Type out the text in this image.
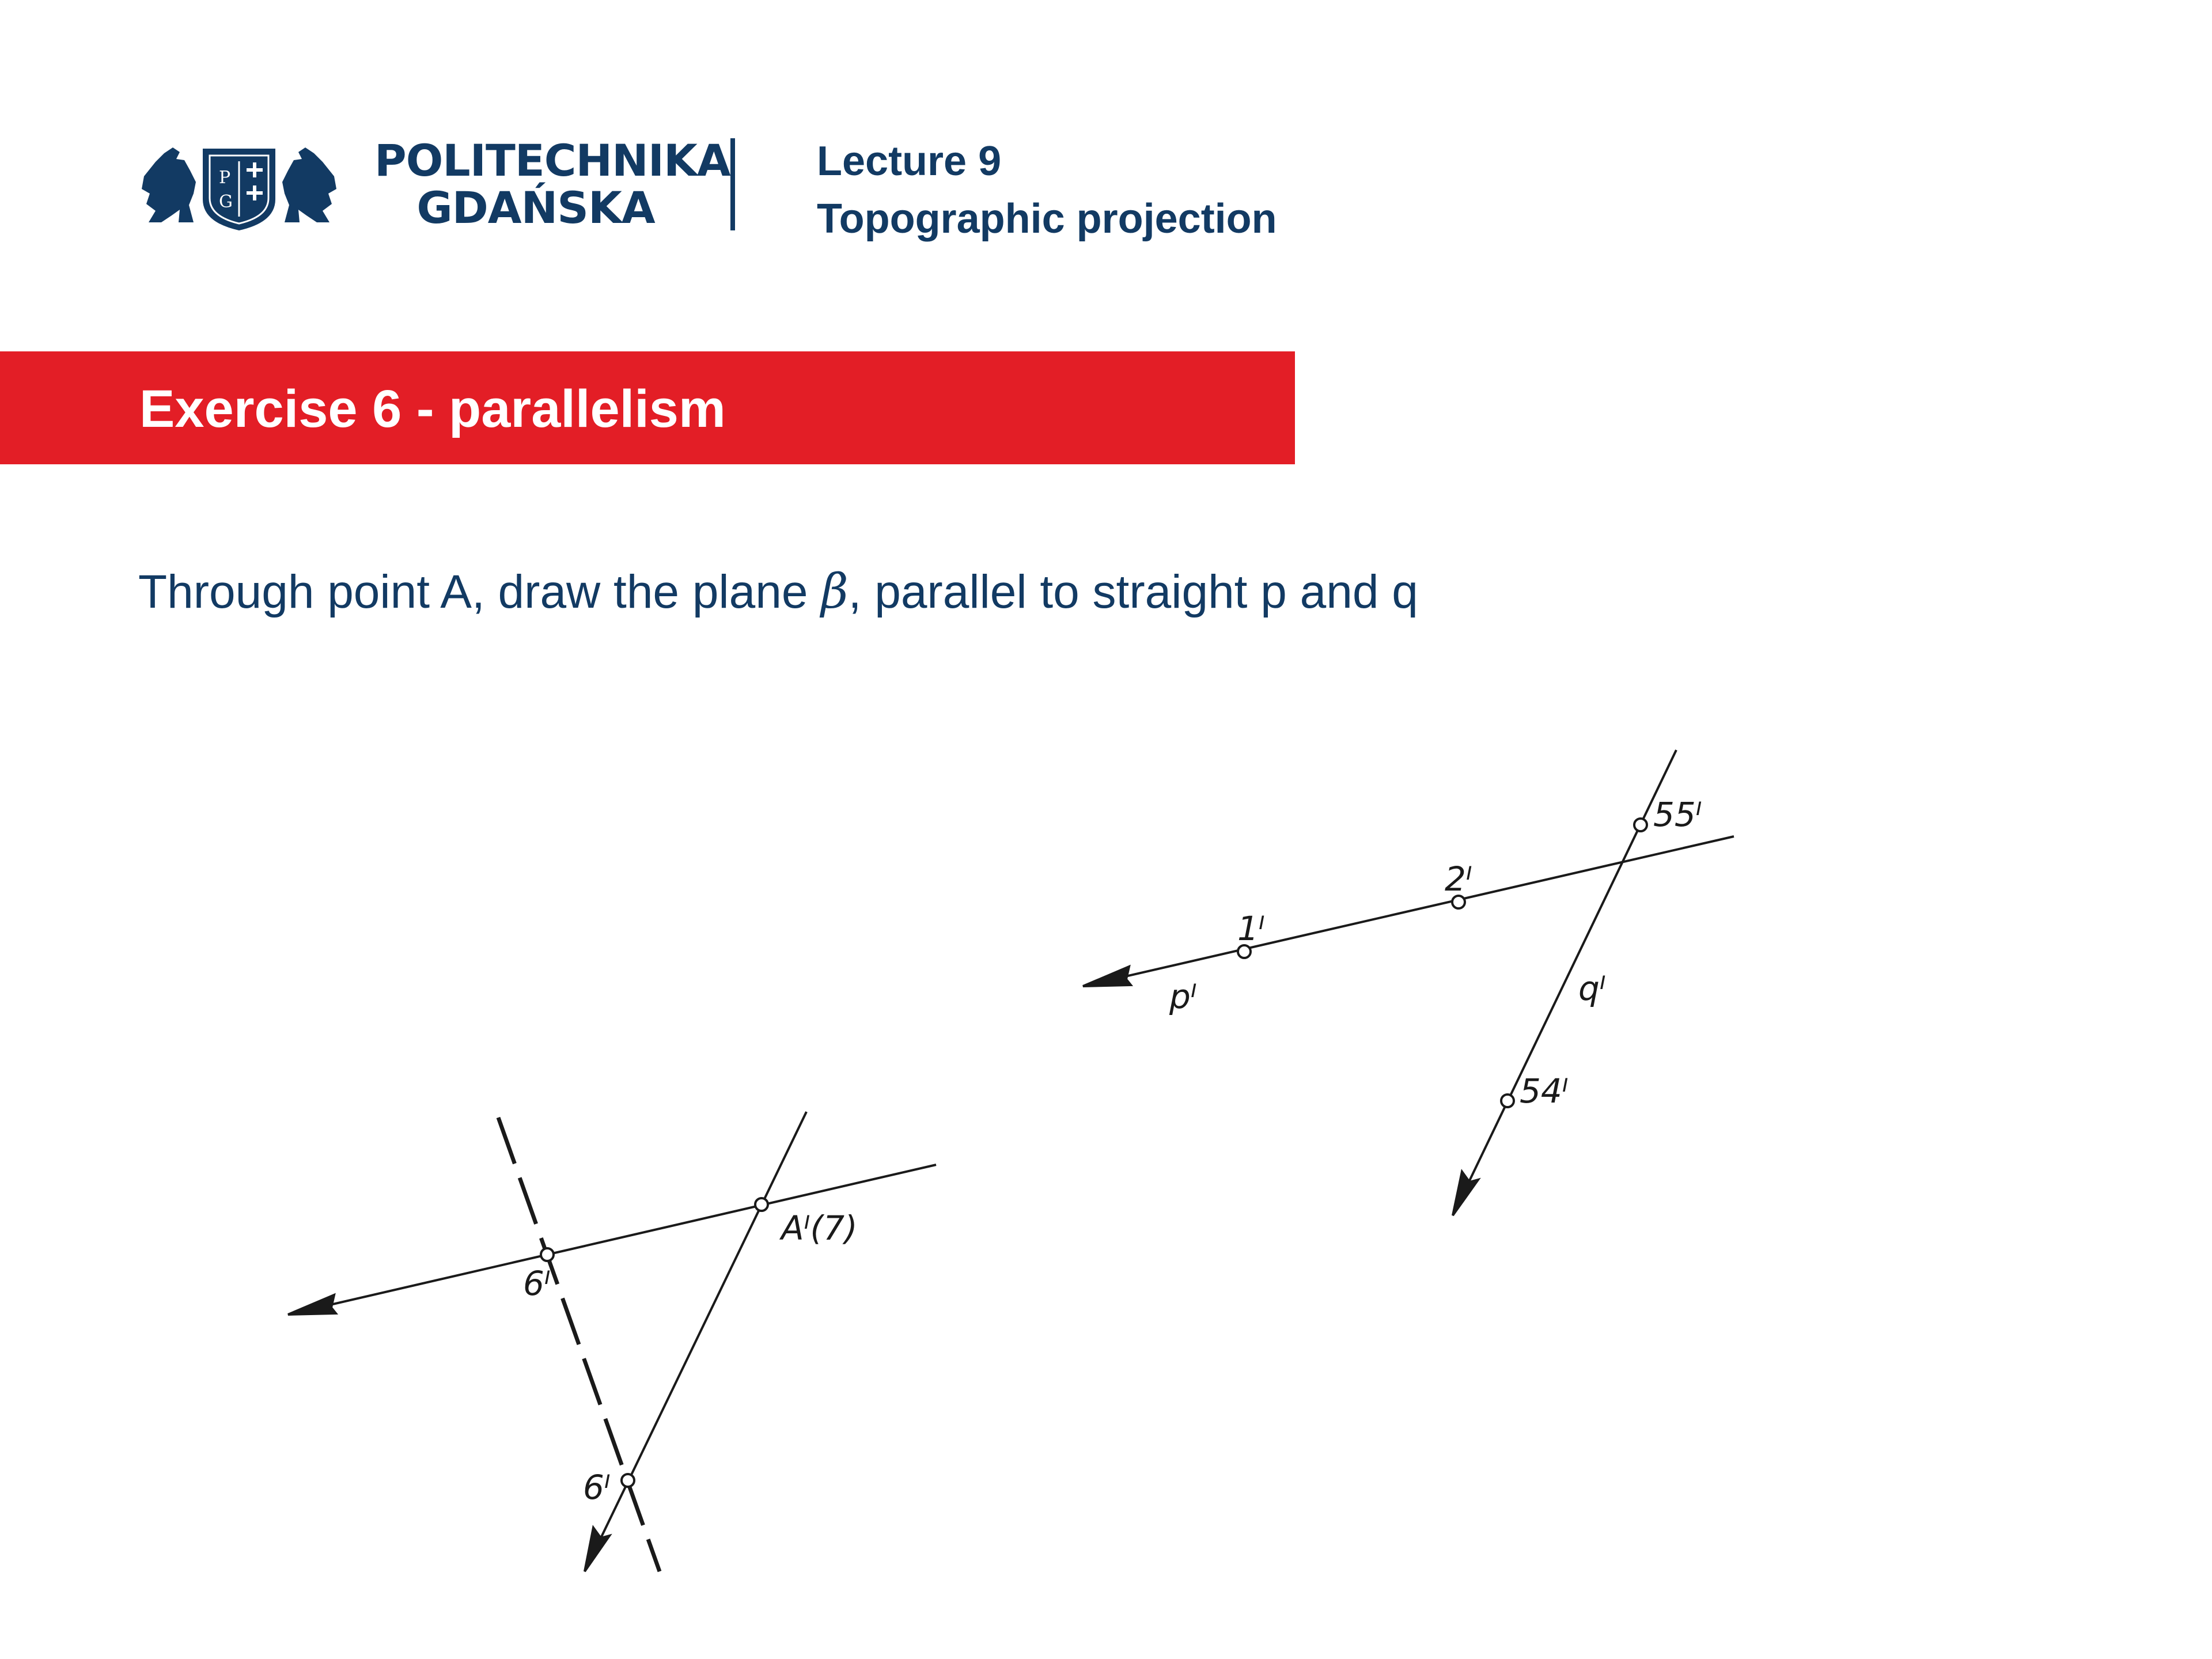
P
G
POLITECHNIKA
GDAŃSKA
Lecture 9
Topographic projection
Exercise 6 - parallelism
Through point A, draw the plane β, parallel to straight p and q
1ᴵ
2ᴵ
55ᴵ
54ᴵ
pᴵ	qᴵ
Aᴵ(7)
6ᴵ
6ᴵ
